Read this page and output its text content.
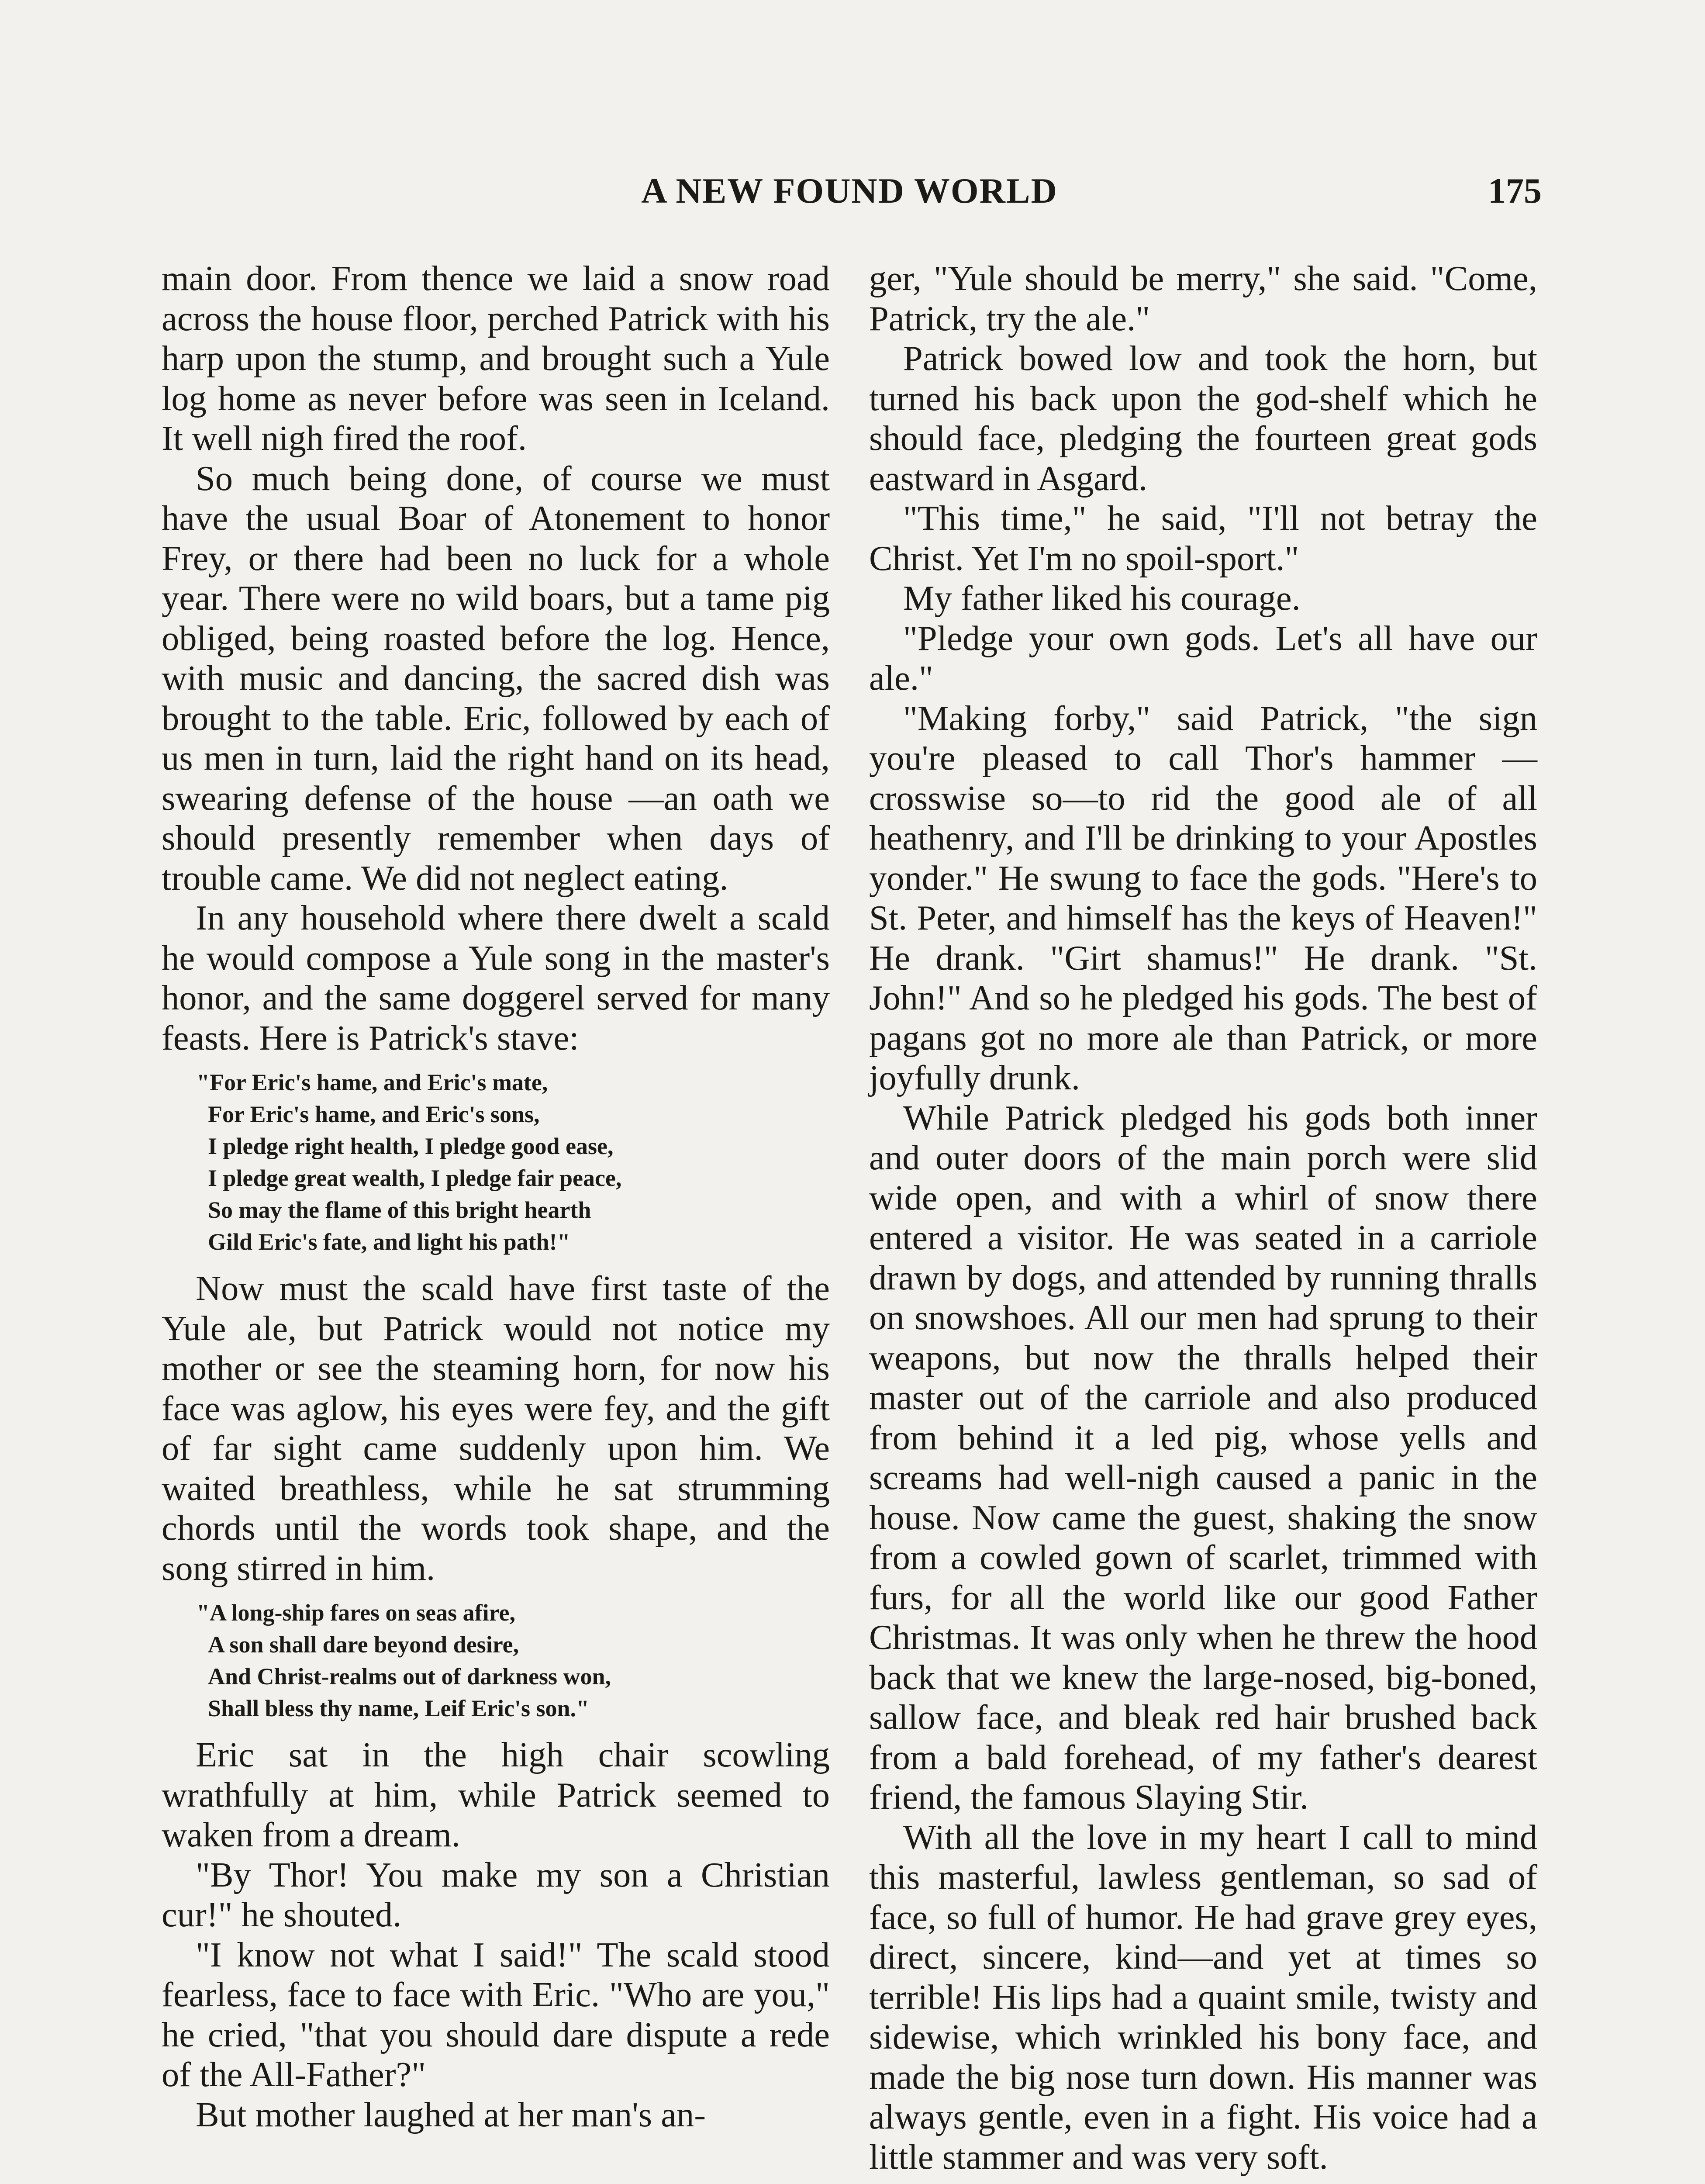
A NEW FOUND WORLD	175

main door. From thence we laid a snow road across the house floor, perched Patrick with his harp upon the stump, and brought such a Yule log home as never before was seen in Iceland. It well nigh fired the roof.

So much being done, of course we must have the usual Boar of Atonement to honor Frey, or there had been no luck for a whole year. There were no wild boars, but a tame pig obliged, being roasted before the log. Hence, with music and dancing, the sacred dish was brought to the table. Eric, followed by each of us men in turn, laid the right hand on its head, swearing defense of the house —an oath we should presently remember when days of trouble came. We did not neglect eating.

In any household where there dwelt a scald he would compose a Yule song in the master's honor, and the same doggerel served for many feasts. Here is Patrick's stave:

"For Eric's hame, and Eric's mate,
For Eric's hame, and Eric's sons,
I pledge right health, I pledge good ease,
I pledge great wealth, I pledge fair peace,
So may the flame of this bright hearth
Gild Eric's fate, and light his path!"

Now must the scald have first taste of the Yule ale, but Patrick would not notice my mother or see the steaming horn, for now his face was aglow, his eyes were fey, and the gift of far sight came suddenly upon him. We waited breathless, while he sat strumming chords until the words took shape, and the song stirred in him.

"A long-ship fares on seas afire,
A son shall dare beyond desire,
And Christ-realms out of darkness won,
Shall bless thy name, Leif Eric's son."

Eric sat in the high chair scowling wrathfully at him, while Patrick seemed to waken from a dream.

"By Thor! You make my son a Christian cur!" he shouted.

"I know not what I said!" The scald stood fearless, face to face with Eric. "Who are you," he cried, "that you should dare dispute a rede of the All-Father?"

But mother laughed at her man's an-

ger, "Yule should be merry," she said. "Come, Patrick, try the ale."

Patrick bowed low and took the horn, but turned his back upon the god-shelf which he should face, pledging the fourteen great gods eastward in Asgard.

"This time," he said, "I'll not betray the Christ. Yet I'm no spoil-sport."

My father liked his courage.

"Pledge your own gods. Let's all have our ale."

"Making forby," said Patrick, "the sign you're pleased to call Thor's hammer —crosswise so—to rid the good ale of all heathenry, and I'll be drinking to your Apostles yonder." He swung to face the gods. "Here's to St. Peter, and himself has the keys of Heaven!" He drank. "Girt shamus!" He drank. "St. John!" And so he pledged his gods. The best of pagans got no more ale than Patrick, or more joyfully drunk.

While Patrick pledged his gods both inner and outer doors of the main porch were slid wide open, and with a whirl of snow there entered a visitor. He was seated in a carriole drawn by dogs, and attended by running thralls on snowshoes. All our men had sprung to their weapons, but now the thralls helped their master out of the carriole and also produced from behind it a led pig, whose yells and screams had well-nigh caused a panic in the house. Now came the guest, shaking the snow from a cowled gown of scarlet, trimmed with furs, for all the world like our good Father Christmas. It was only when he threw the hood back that we knew the large-nosed, big-boned, sallow face, and bleak red hair brushed back from a bald forehead, of my father's dearest friend, the famous Slaying Stir.

With all the love in my heart I call to mind this masterful, lawless gentleman, so sad of face, so full of humor. He had grave grey eyes, direct, sincere, kind—and yet at times so terrible! His lips had a quaint smile, twisty and sidewise, which wrinkled his bony face, and made the big nose turn down. His manner was always gentle, even in a fight. His voice had a little stammer and was very soft.
